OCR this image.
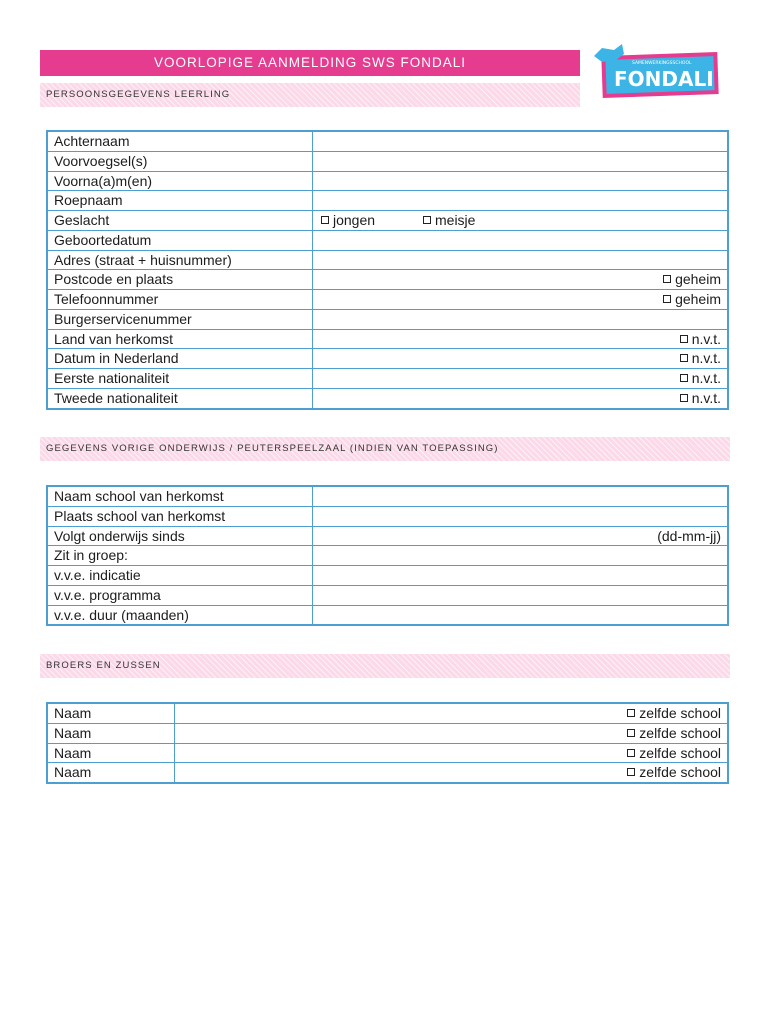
VOORLOPIGE AANMELDING SWS FONDALI	SAMENWERKINGSSCHOOL
FONDALI
PERSOONSGEGEVENS LEERLING
Achternaam
Voorvoegsel(s)
Voorna(a)m(en)
Roepnaam
Geslacht	jongen	meisje
Geboortedatum
Adres (straat + huisnummer)
Postcode en plaats	geheim
Telefoonnummer	geheim
Burgerservicenummer
Land van herkomst	n.v.t.
Datum in Nederland	n.v.t.
Eerste nationaliteit	n.v.t.
Tweede nationaliteit	n.v.t.
GEGEVENS VORIGE ONDERWIJS / PEUTERSPEELZAAL (INDIEN VAN TOEPASSING)
Naam school van herkomst
Plaats school van herkomst
Volgt onderwijs sinds	(dd-mm-jj)
Zit in groep:
v.v.e. indicatie
v.v.e. programma
v.v.e. duur (maanden)
BROERS EN ZUSSEN
Naam	zelfde school
Naam	zelfde school
Naam	zelfde school
Naam	zelfde school
